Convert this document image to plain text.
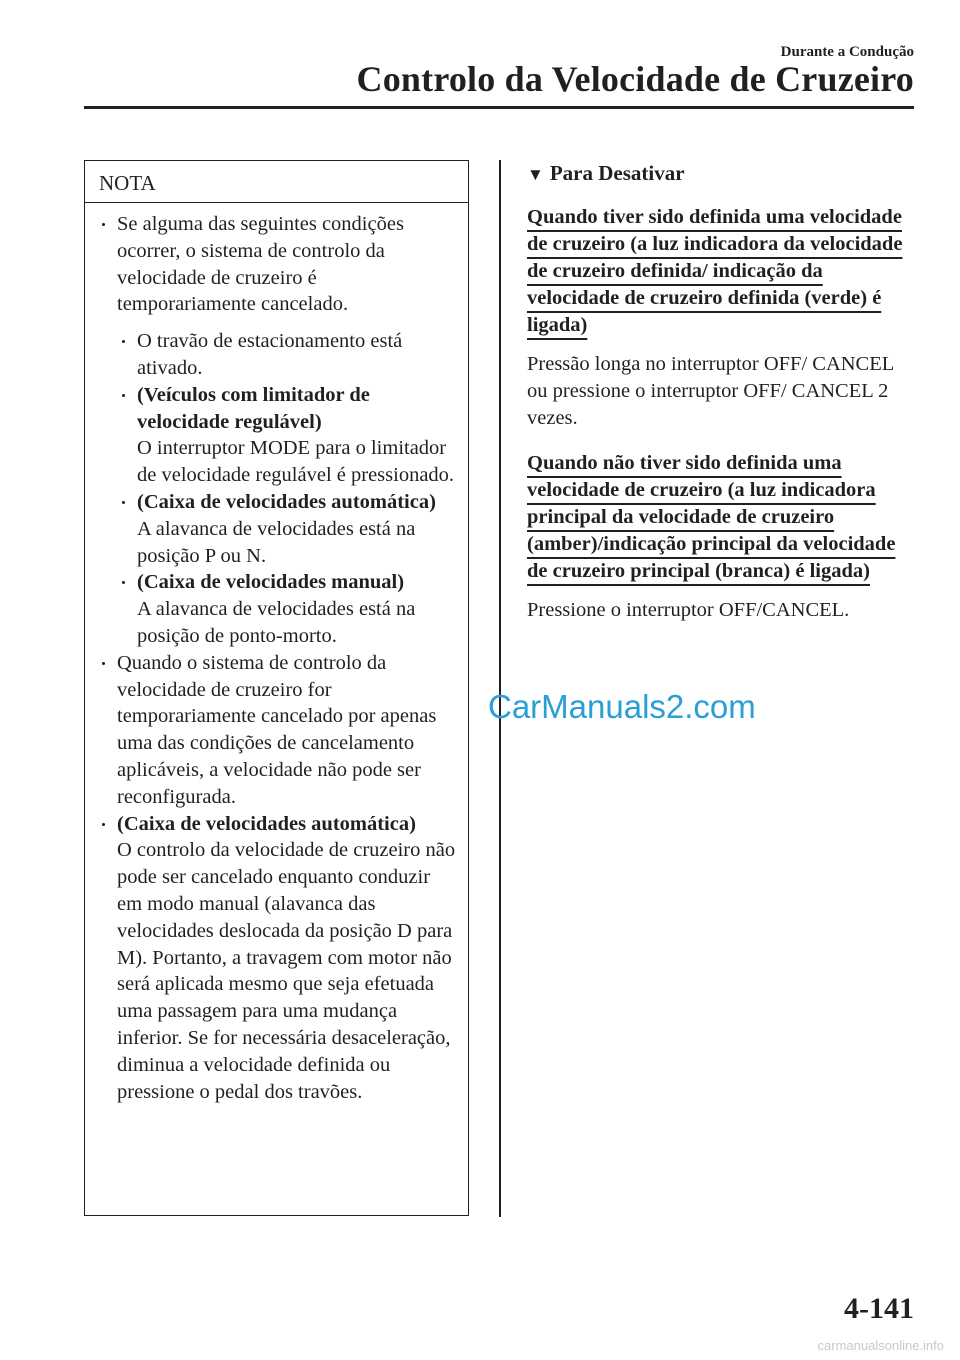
Durante a Condução
Controlo da Velocidade de Cruzeiro
NOTA

Se alguma das seguintes condições ocorrer, o sistema de controlo da velocidade de cruzeiro é temporariamente cancelado.

O travão de estacionamento está ativado.

(Veículos com limitador de velocidade regulável)
O interruptor MODE para o limitador de velocidade regulável é pressionado.
(Caixa de velocidades automática)
A alavanca de velocidades está na posição P ou N.
(Caixa de velocidades manual)
A alavanca de velocidades está na posição de ponto-morto.

Quando o sistema de controlo da velocidade de cruzeiro for temporariamente cancelado por apenas uma das condições de cancelamento aplicáveis, a velocidade não pode ser reconfigurada.

(Caixa de velocidades automática)
O controlo da velocidade de cruzeiro não pode ser cancelado enquanto conduzir em modo manual (alavanca das velocidades deslocada da posição D para M). Portanto, a travagem com motor não será aplicada mesmo que seja efetuada uma passagem para uma mudança inferior. Se for necessária desaceleração, diminua a velocidade definida ou pressione o pedal dos travões.
▼ Para Desativar
Quando tiver sido definida uma velocidade de cruzeiro (a luz indicadora da velocidade de cruzeiro definida/ indicação da velocidade de cruzeiro definida (verde) é ligada)
Pressão longa no interruptor OFF/ CANCEL ou pressione o interruptor OFF/ CANCEL 2 vezes.
Quando não tiver sido definida uma velocidade de cruzeiro (a luz indicadora principal da velocidade de cruzeiro (amber)/indicação principal da velocidade de cruzeiro principal (branca) é ligada)
Pressione o interruptor OFF/CANCEL.
CarManuals2.com
4-141
carmanualsonline.info
